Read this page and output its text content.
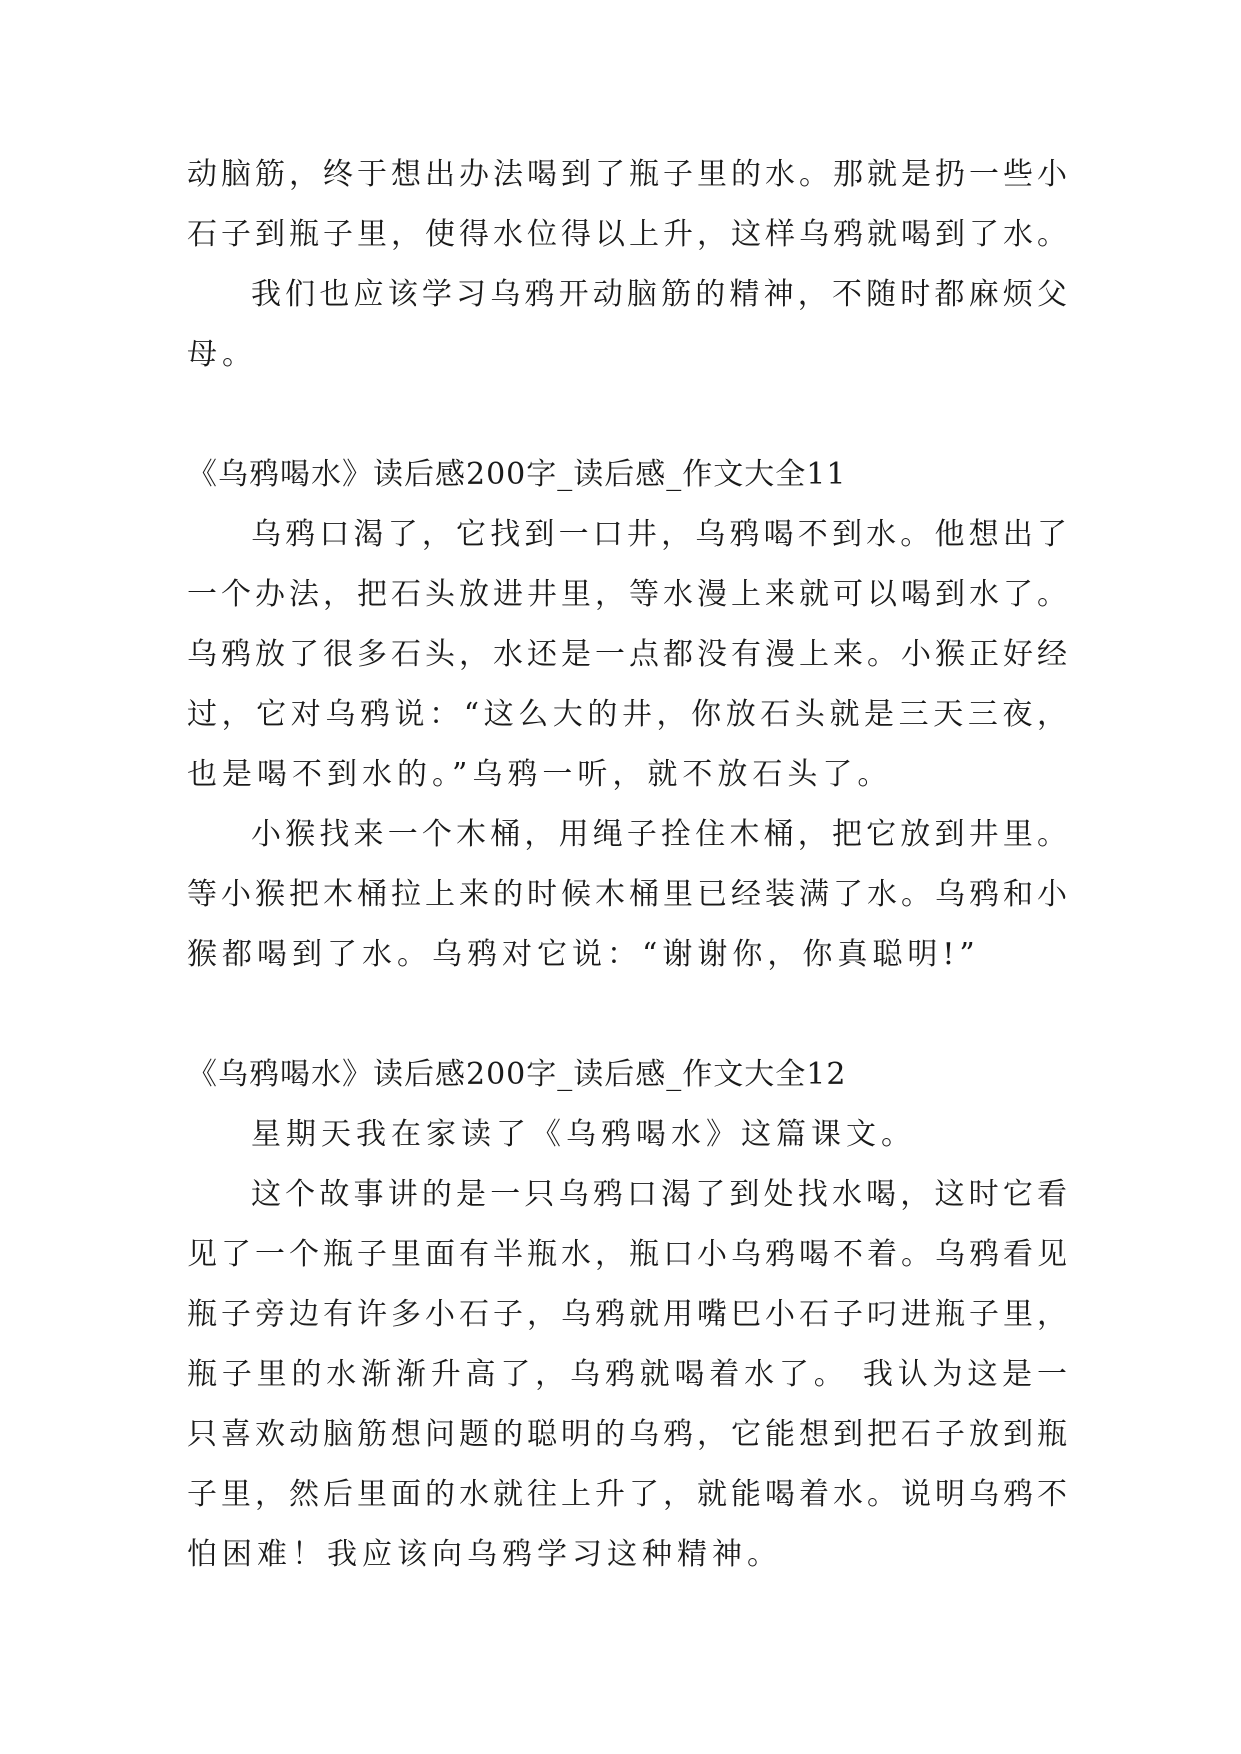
动脑筋，终于想出办法喝到了瓶子里的水。那就是扔一些小
石子到瓶子里，使得水位得以上升，这样乌鸦就喝到了水。
我们也应该学习乌鸦开动脑筋的精神，不随时都麻烦父
母。
《乌鸦喝水》读后感200字_读后感_作文大全11
乌鸦口渴了，它找到一口井，乌鸦喝不到水。他想出了
一个办法，把石头放进井里，等水漫上来就可以喝到水了。
乌鸦放了很多石头，水还是一点都没有漫上来。小猴正好经
过，它对乌鸦说：“这么大的井，你放石头就是三天三夜，
也是喝不到水的。”乌鸦一听，就不放石头了。
小猴找来一个木桶，用绳子拴住木桶，把它放到井里。
等小猴把木桶拉上来的时候木桶里已经装满了水。乌鸦和小
猴都喝到了水。乌鸦对它说：“谢谢你，你真聪明!”
《乌鸦喝水》读后感200字_读后感_作文大全12
星期天我在家读了《乌鸦喝水》这篇课文。
这个故事讲的是一只乌鸦口渴了到处找水喝，这时它看
见了一个瓶子里面有半瓶水，瓶口小乌鸦喝不着。乌鸦看见
瓶子旁边有许多小石子，乌鸦就用嘴巴小石子叼进瓶子里，
瓶子里的水渐渐升高了，乌鸦就喝着水了。 我认为这是一
只喜欢动脑筋想问题的聪明的乌鸦，它能想到把石子放到瓶
子里，然后里面的水就往上升了，就能喝着水。说明乌鸦不
怕困难！我应该向乌鸦学习这种精神。
